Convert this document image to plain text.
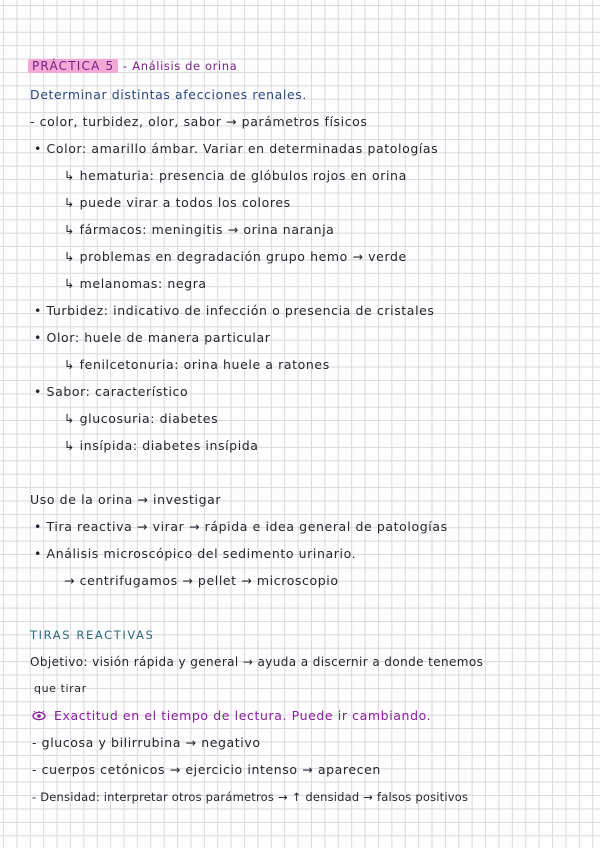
PRÁCTICA 5 - Análisis de orina
Determinar distintas afecciones renales.
- color, turbidez, olor, sabor → parámetros físicos
• Color: amarillo ámbar. Variar en determinadas patologías
↳ hematuria: presencia de glóbulos rojos en orina
↳ puede virar a todos los colores
↳ fármacos: meningitis → orina naranja
↳ problemas en degradación grupo hemo → verde
↳ melanomas: negra
• Turbidez: indicativo de infección o presencia de cristales
• Olor: huele de manera particular
↳ fenilcetonuria: orina huele a ratones
• Sabor: característico
↳ glucosuria: diabetes
↳ insípida: diabetes insípida
Uso de la orina → investigar
• Tira reactiva → virar → rápida e idea general de patologías
• Análisis microscópico del sedimento urinario.
→ centrifugamos → pellet → microscopio
TIRAS REACTIVAS
Objetivo: visión rápida y general → ayuda a discernir a donde tenemos
que tirar
Exactitud en el tiempo de lectura. Puede ir cambiando.
- glucosa y bilirrubina → negativo
- cuerpos cetónicos → ejercicio intenso → aparecen
- Densidad: interpretar otros parámetros → ↑ densidad → falsos positivos
